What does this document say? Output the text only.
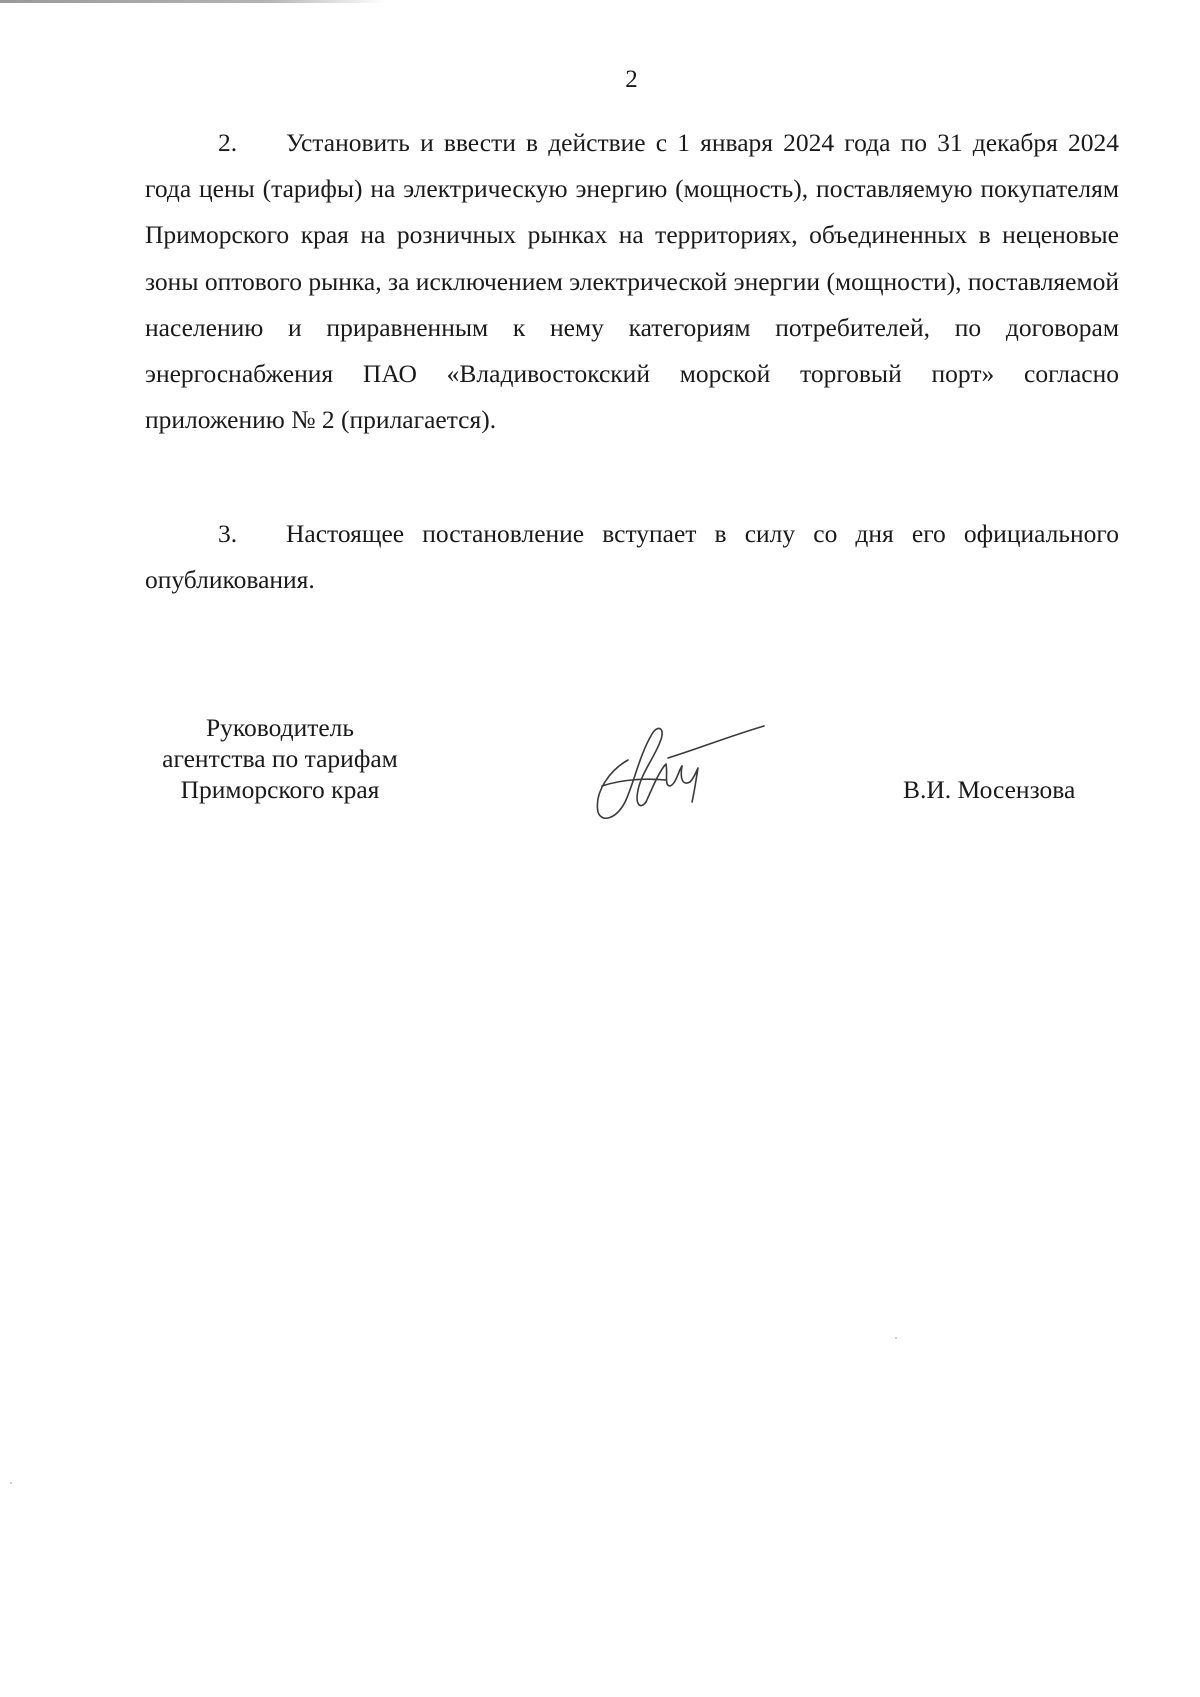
2

2. Установить и ввести в действие с 1 января 2024 года по 31 декабря 2024 года цены (тарифы) на электрическую энергию (мощность), поставляемую покупателям Приморского края на розничных рынках на территориях, объединенных в неценовые зоны оптового рынка, за исключением электрической энергии (мощности), поставляемой населению и приравненным к нему категориям потребителей, по договорам энергоснабжения ПАО «Владивостокский морской торговый порт» согласно приложению № 2 (прилагается).

3. Настоящее постановление вступает в силу со дня его официального опубликования.

Руководитель
агентства по тарифам
Приморского края	В.И. Мосензова
